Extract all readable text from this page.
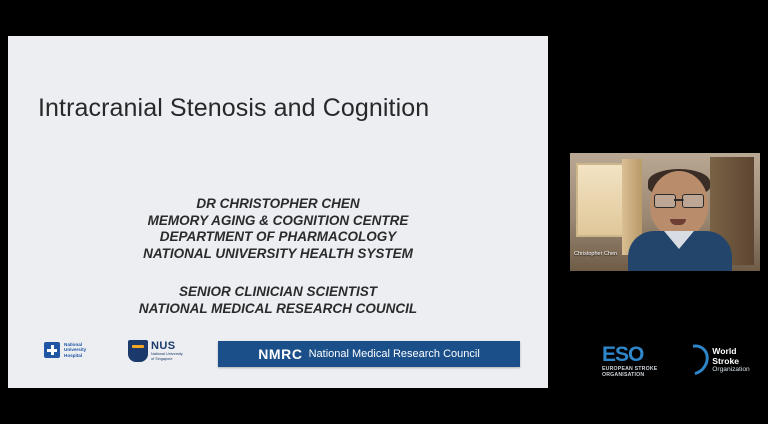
Intracranial Stenosis and Cognition
DR CHRISTOPHER CHEN
MEMORY AGING & COGNITION CENTRE
DEPARTMENT OF PHARMACOLOGY
NATIONAL UNIVERSITY HEALTH SYSTEM
SENIOR CLINICIAN SCIENTIST
NATIONAL MEDICAL RESEARCH COUNCIL
National
University
Hospital
NUS
National University
of Singapore	NMRC National Medical Research Council
Christopher Chen
ESO
EUROPEAN STROKE
ORGANISATION
World Stroke
Organization
